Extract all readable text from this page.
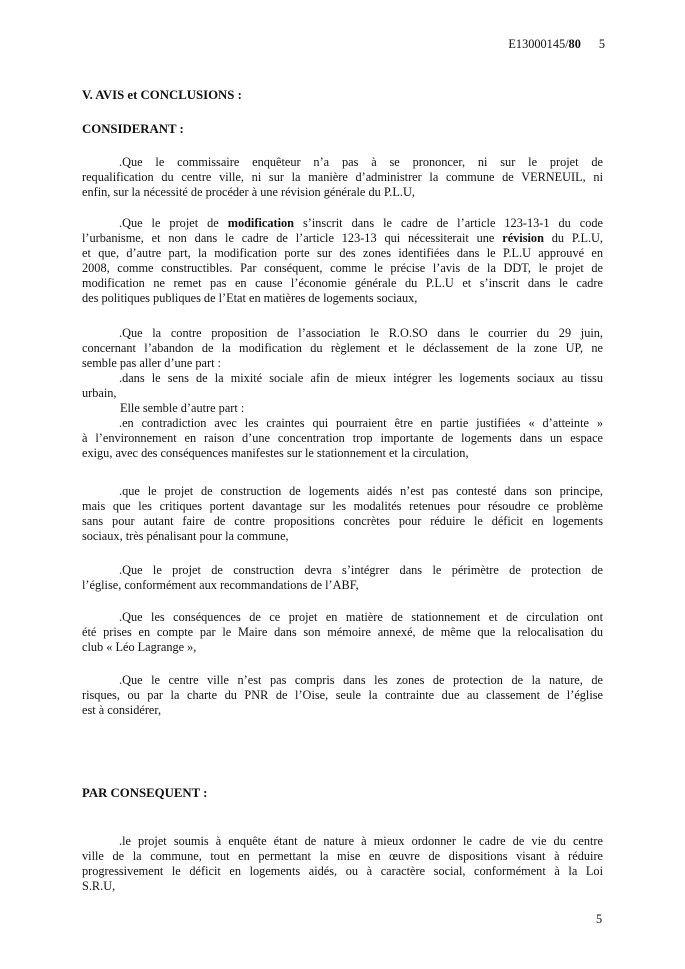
E13000145/80 5
V. AVIS et CONCLUSIONS :
CONSIDERANT :
.Que le commissaire enquêteur n’a pas à se prononcer, ni sur le projet de
requalification du centre ville, ni sur la manière d’administrer la commune de VERNEUIL, ni
enfin, sur la nécessité de procéder à une révision générale du P.L.U,
.Que le projet de modification s’inscrit dans le cadre de l’article 123-13-1 du code
l’urbanisme, et non dans le cadre de l’article 123-13 qui nécessiterait une révision du P.L.U,
et que, d’autre part, la modification porte sur des zones identifiées dans le P.L.U approuvé en
2008, comme constructibles. Par conséquent, comme le précise l’avis de la DDT, le projet de
modification ne remet pas en cause l’économie générale du P.L.U et s’inscrit dans le cadre
des politiques publiques de l’Etat en matières de logements sociaux,
.Que la contre proposition de l’association le R.O.SO dans le courrier du 29 juin,
concernant l’abandon de la modification du règlement et le déclassement de la zone UP, ne
semble pas aller d’une part :
.dans le sens de la mixité sociale afin de mieux intégrer les logements sociaux au tissu
urbain,
Elle semble d’autre part :
.en contradiction avec les craintes qui pourraient être en partie justifiées « d’atteinte »
à l’environnement en raison d’une concentration trop importante de logements dans un espace
exigu, avec des conséquences manifestes sur le stationnement et la circulation,
.que le projet de construction de logements aidés n’est pas contesté dans son principe,
mais que les critiques portent davantage sur les modalités retenues pour résoudre ce problème
sans pour autant faire de contre propositions concrètes pour réduire le déficit en logements
sociaux, très pénalisant pour la commune,
.Que le projet de construction devra s’intégrer dans le périmètre de protection de
l’église, conformément aux recommandations de l’ABF,
.Que les conséquences de ce projet en matière de stationnement et de circulation ont
été prises en compte par le Maire dans son mémoire annexé, de même que la relocalisation du
club « Léo Lagrange »,
.Que le centre ville n’est pas compris dans les zones de protection de la nature, de
risques, ou par la charte du PNR de l’Oise, seule la contrainte due au classement de l’église
est à considérer,
PAR CONSEQUENT :
.le projet soumis à enquête étant de nature à mieux ordonner le cadre de vie du centre
ville de la commune, tout en permettant la mise en œuvre de dispositions visant à réduire
progressivement le déficit en logements aidés, ou à caractère social, conformément à la Loi
S.R.U,
5
